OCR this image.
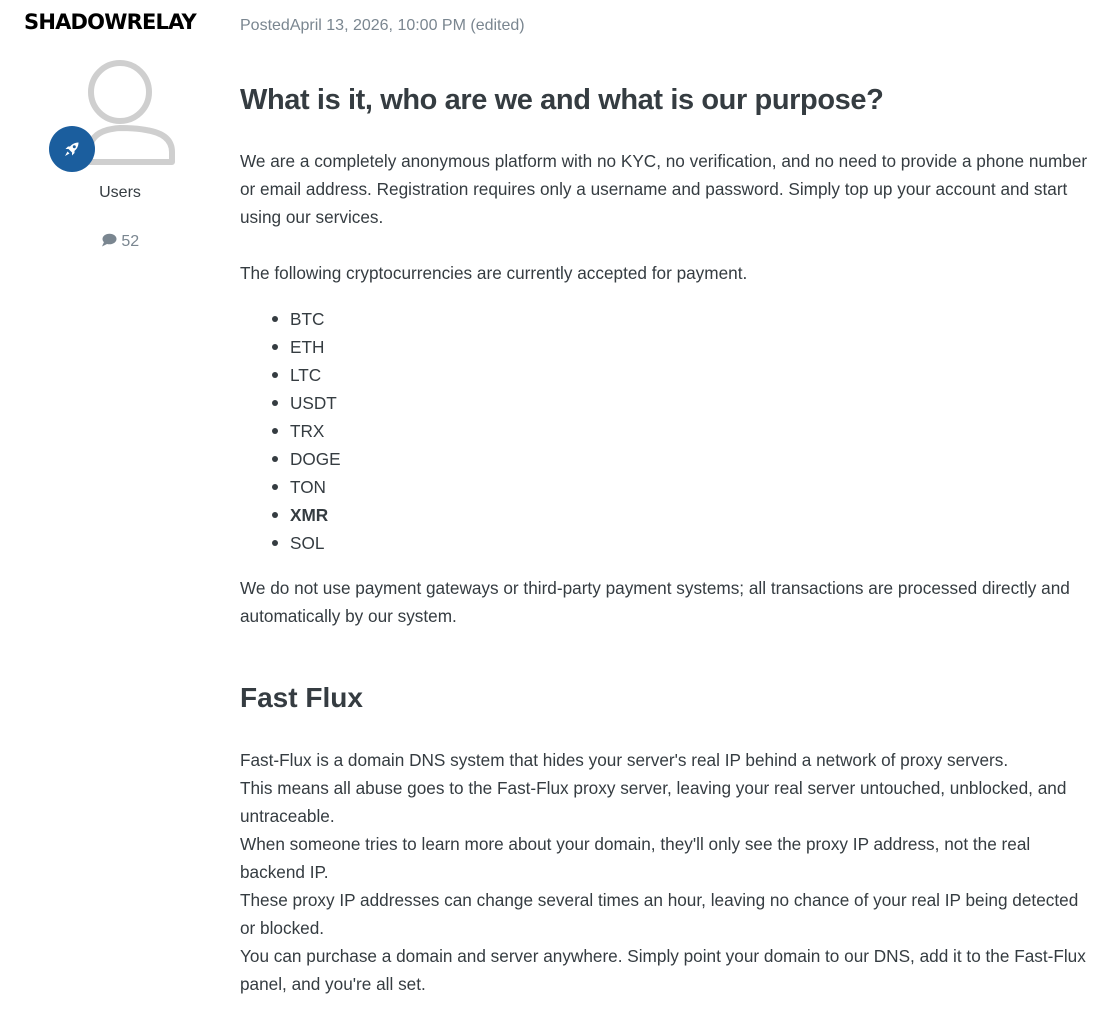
SHADOWRELAY
Users
52
PostedApril 13, 2026, 10:00 PM (edited)
What is it, who are we and what is our purpose?

We are a completely anonymous platform with no KYC, no verification, and no need to provide a phone number or email address. Registration requires only a username and password. Simply top up your account and start using our services.

The following cryptocurrencies are currently accepted for payment.

BTC
ETH
LTC
USDT
TRX
DOGE
TON
XMR
SOL

We do not use payment gateways or third-party payment systems; all transactions are processed directly and automatically by our system.

Fast Flux

Fast-Flux is a domain DNS system that hides your server's real IP behind a network of proxy servers.

This means all abuse goes to the Fast-Flux proxy server, leaving your real server untouched, unblocked, and untraceable.

When someone tries to learn more about your domain, they'll only see the proxy IP address, not the real backend IP.

These proxy IP addresses can change several times an hour, leaving no chance of your real IP being detected or blocked.

You can purchase a domain and server anywhere. Simply point your domain to our DNS, add it to the Fast-Flux panel, and you're all set.
